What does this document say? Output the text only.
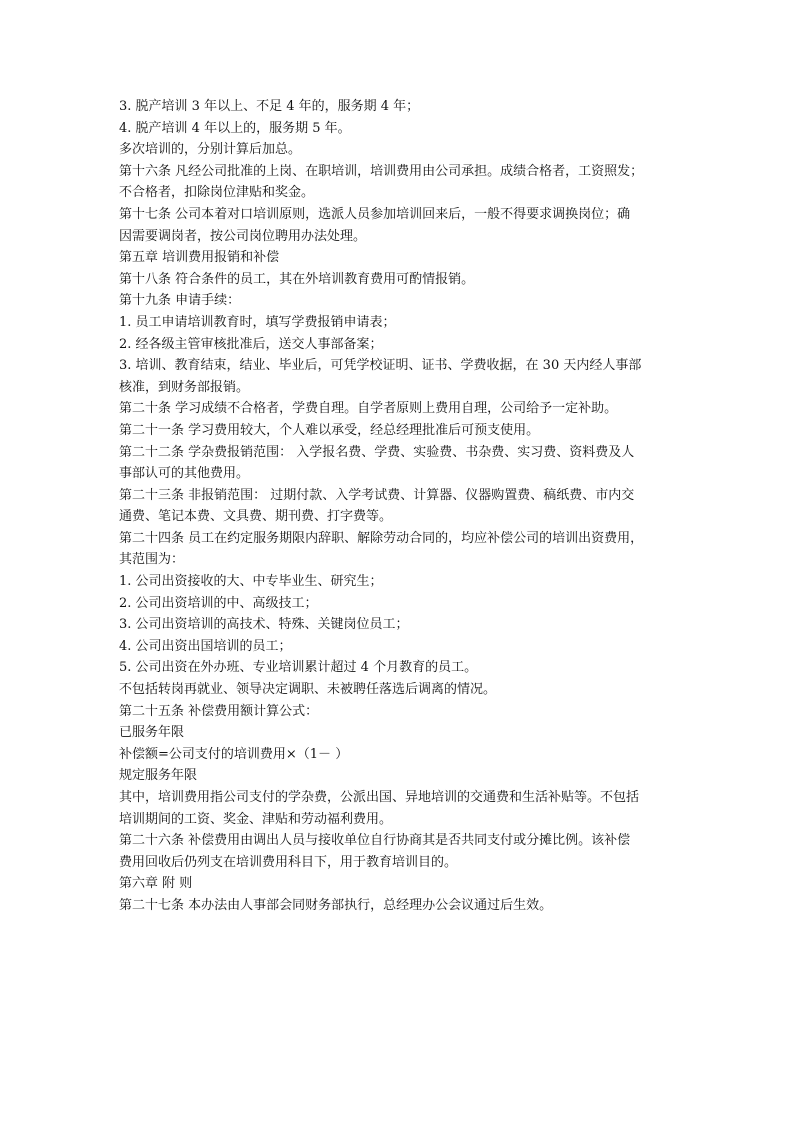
3. 脱产培训 3 年以上、不足 4 年的，服务期 4 年；
4. 脱产培训 4 年以上的，服务期 5 年。
多次培训的，分别计算后加总。
第十六条 凡经公司批准的上岗、在职培训，培训费用由公司承担。成绩合格者，工资照发；
不合格者，扣除岗位津贴和奖金。
第十七条 公司本着对口培训原则，选派人员参加培训回来后，一般不得要求调换岗位；确
因需要调岗者，按公司岗位聘用办法处理。
第五章 培训费用报销和补偿
第十八条 符合条件的员工，其在外培训教育费用可酌情报销。
第十九条 申请手续：
1. 员工申请培训教育时，填写学费报销申请表；
2. 经各级主管审核批准后，送交人事部备案；
3. 培训、教育结束，结业、毕业后，可凭学校证明、证书、学费收据，在 30 天内经人事部
核准，到财务部报销。
第二十条 学习成绩不合格者，学费自理。自学者原则上费用自理，公司给予一定补助。
第二十一条 学习费用较大，个人难以承受，经总经理批准后可预支使用。
第二十二条 学杂费报销范围： 入学报名费、学费、实验费、书杂费、实习费、资料费及人
事部认可的其他费用。
第二十三条 非报销范围： 过期付款、入学考试费、计算器、仪器购置费、稿纸费、市内交
通费、笔记本费、文具费、期刊费、打字费等。
第二十四条 员工在约定服务期限内辞职、解除劳动合同的，均应补偿公司的培训出资费用，
其范围为：
1. 公司出资接收的大、中专毕业生、研究生；
2. 公司出资培训的中、高级技工；
3. 公司出资培训的高技术、特殊、关键岗位员工；
4. 公司出资出国培训的员工；
5. 公司出资在外办班、专业培训累计超过 4 个月教育的员工。
不包括转岗再就业、领导决定调职、未被聘任落选后调离的情况。
第二十五条 补偿费用额计算公式：
已服务年限
补偿额=公司支付的培训费用×（1－ ）
规定服务年限
其中，培训费用指公司支付的学杂费，公派出国、异地培训的交通费和生活补贴等。不包括
培训期间的工资、奖金、津贴和劳动福利费用。
第二十六条 补偿费用由调出人员与接收单位自行协商其是否共同支付或分摊比例。该补偿
费用回收后仍列支在培训费用科目下，用于教育培训目的。
第六章 附 则
第二十七条 本办法由人事部会同财务部执行，总经理办公会议通过后生效。
